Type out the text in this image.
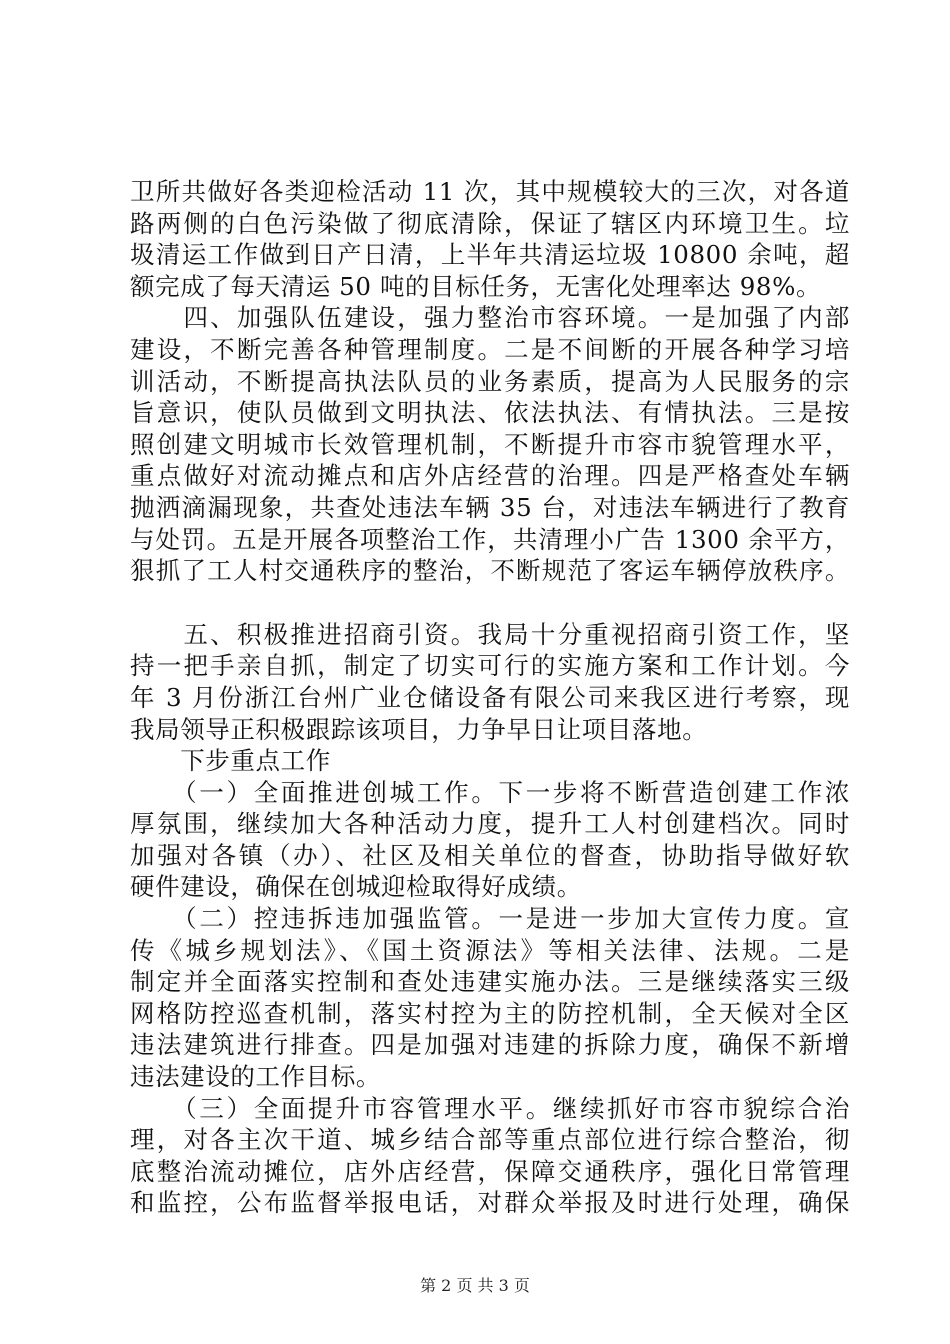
卫所共做好各类迎检活动 11 次，其中规模较大的三次，对各道
路两侧的白色污染做了彻底清除，保证了辖区内环境卫生。垃
圾清运工作做到日产日清，上半年共清运垃圾 10800 余吨，超
额完成了每天清运 50 吨的目标任务，无害化处理率达 98%。
　　四、加强队伍建设，强力整治市容环境。一是加强了内部
建设，不断完善各种管理制度。二是不间断的开展各种学习培
训活动，不断提高执法队员的业务素质，提高为人民服务的宗
旨意识，使队员做到文明执法、依法执法、有情执法。三是按
照创建文明城市长效管理机制，不断提升市容市貌管理水平，
重点做好对流动摊点和店外店经营的治理。四是严格查处车辆
抛洒滴漏现象，共查处违法车辆 35 台，对违法车辆进行了教育
与处罚。五是开展各项整治工作，共清理小广告 1300 余平方，
狠抓了工人村交通秩序的整治，不断规范了客运车辆停放秩序。
　　五、积极推进招商引资。我局十分重视招商引资工作，坚
持一把手亲自抓，制定了切实可行的实施方案和工作计划。今
年 3 月份浙江台州广业仓储设备有限公司来我区进行考察，现
我局领导正积极跟踪该项目，力争早日让项目落地。
　　下步重点工作
　　（一）全面推进创城工作。下一步将不断营造创建工作浓
厚氛围，继续加大各种活动力度，提升工人村创建档次。同时
加强对各镇（办）、社区及相关单位的督查，协助指导做好软
硬件建设，确保在创城迎检取得好成绩。
　　（二）控违拆违加强监管。一是进一步加大宣传力度。宣
传《城乡规划法》、《国土资源法》等相关法律、法规。二是
制定并全面落实控制和查处违建实施办法。三是继续落实三级
网格防控巡查机制，落实村控为主的防控机制，全天候对全区
违法建筑进行排查。四是加强对违建的拆除力度，确保不新增
违法建设的工作目标。
　　（三）全面提升市容管理水平。继续抓好市容市貌综合治
理，对各主次干道、城乡结合部等重点部位进行综合整治，彻
底整治流动摊位，店外店经营，保障交通秩序，强化日常管理
和监控，公布监督举报电话，对群众举报及时进行处理，确保
第 2 页 共 3 页
